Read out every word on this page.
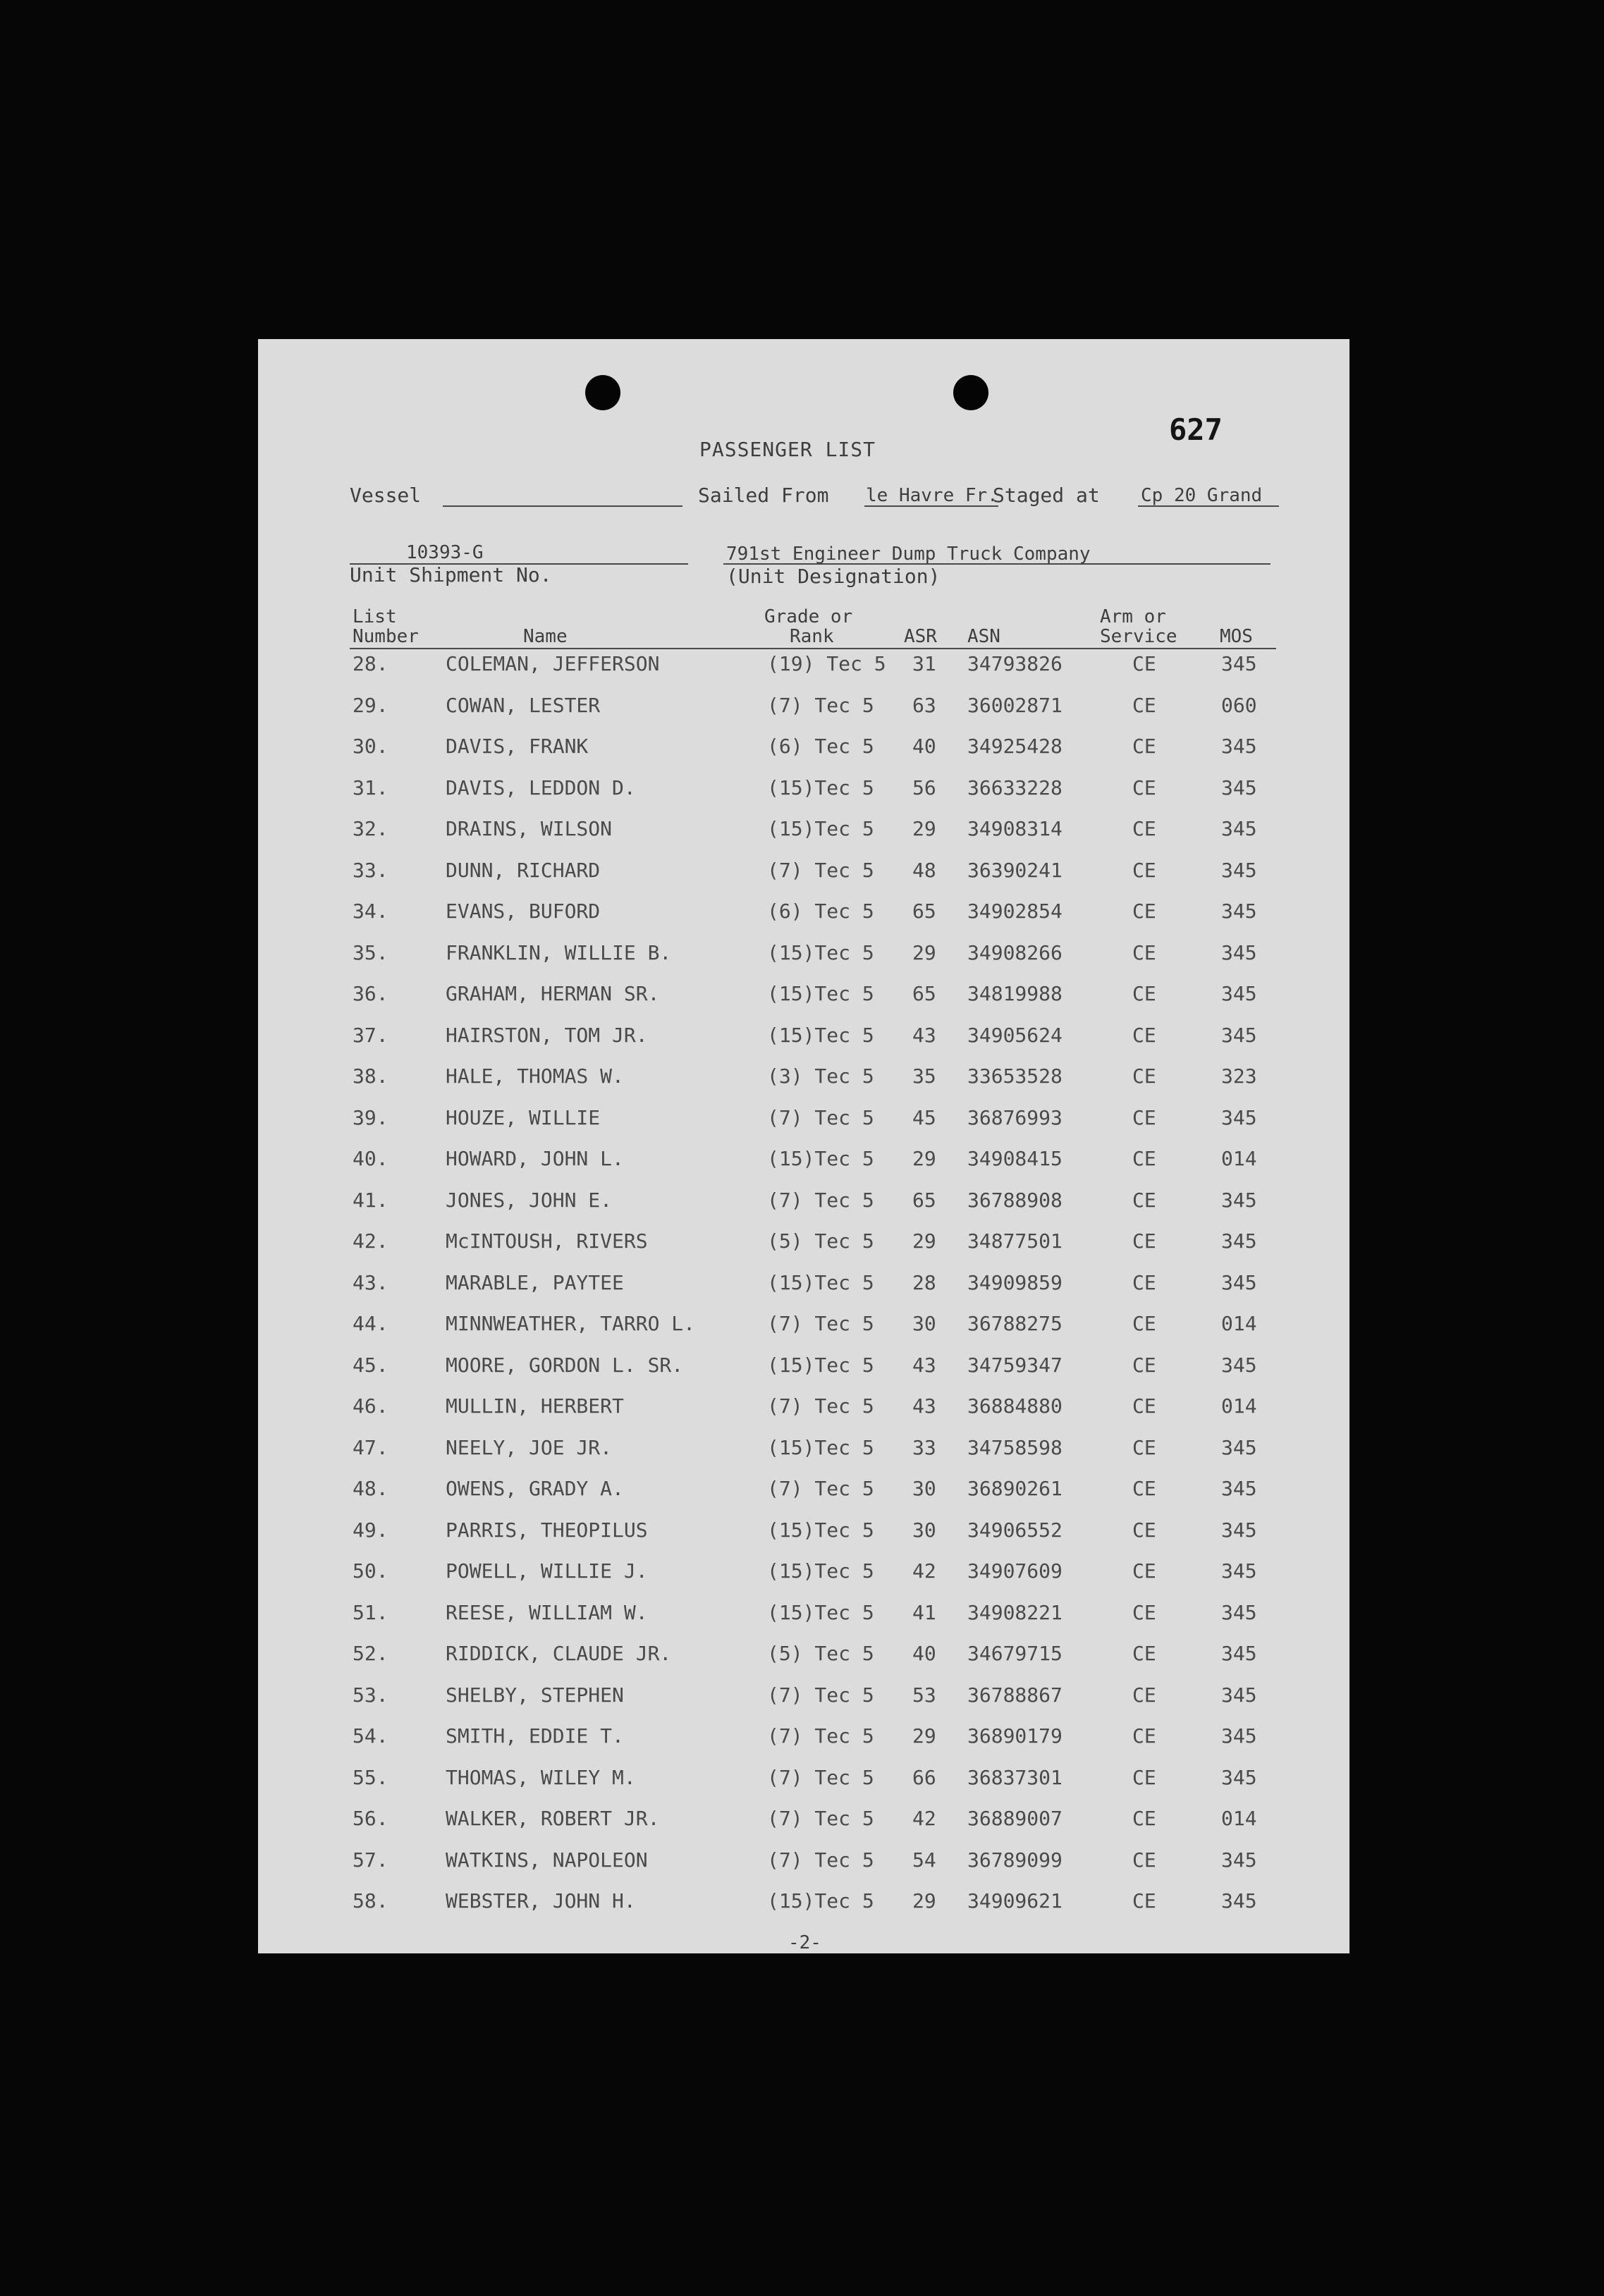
PASSENGER LIST
627
Vessel	Sailed From le Havre Fr.
Staged at Cp 20 Grand
10393-G
Unit Shipment No.
791st Engineer Dump Truck Company
(Unit Designation)
List
Number	Name
Grade or
Rank	ASR ASN
Arm or
Service MOS
28.	COLEMAN, JEFFERSON	(19) Tec 5 31 34793826	CE	345
29.	COWAN, LESTER	(7) Tec 5 63 36002871	CE	060
30.	DAVIS, FRANK	(6) Tec 5 40 34925428	CE	345
31.	DAVIS, LEDDON D.	(15)Tec 5 56 36633228	CE	345
32.	DRAINS, WILSON	(15)Tec 5 29 34908314	CE	345
33.	DUNN, RICHARD	(7) Tec 5 48 36390241	CE	345
34.	EVANS, BUFORD	(6) Tec 5 65 34902854	CE	345
35.	FRANKLIN, WILLIE B.	(15)Tec 5 29 34908266	CE	345
36.	GRAHAM, HERMAN SR.	(15)Tec 5 65 34819988	CE	345
37.	HAIRSTON, TOM JR.	(15)Tec 5 43 34905624	CE	345
38.	HALE, THOMAS W.	(3) Tec 5 35 33653528	CE	323
39.	HOUZE, WILLIE	(7) Tec 5 45 36876993	CE	345
40.	HOWARD, JOHN L.	(15)Tec 5 29 34908415	CE	014
41.	JONES, JOHN E.	(7) Tec 5 65 36788908	CE	345
42.	McINTOUSH, RIVERS	(5) Tec 5 29 34877501	CE	345
43.	MARABLE, PAYTEE	(15)Tec 5 28 34909859	CE	345
44.	MINNWEATHER, TARRO L.	(7) Tec 5 30 36788275	CE	014
45.	MOORE, GORDON L. SR.	(15)Tec 5 43 34759347	CE	345
46.	MULLIN, HERBERT	(7) Tec 5 43 36884880	CE	014
47.	NEELY, JOE JR.	(15)Tec 5 33 34758598	CE	345
48.	OWENS, GRADY A.	(7) Tec 5 30 36890261	CE	345
49.	PARRIS, THEOPILUS	(15)Tec 5 30 34906552	CE	345
50.	POWELL, WILLIE J.	(15)Tec 5 42 34907609	CE	345
51.	REESE, WILLIAM W.	(15)Tec 5 41 34908221	CE	345
52.	RIDDICK, CLAUDE JR.	(5) Tec 5 40 34679715	CE	345
53.	SHELBY, STEPHEN	(7) Tec 5 53 36788867	CE	345
54.	SMITH, EDDIE T.	(7) Tec 5 29 36890179	CE	345
55.	THOMAS, WILEY M.	(7) Tec 5 66 36837301	CE	345
56.	WALKER, ROBERT JR.	(7) Tec 5 42 36889007	CE	014
57.	WATKINS, NAPOLEON	(7) Tec 5 54 36789099	CE	345
58.	WEBSTER, JOHN H.	(15)Tec 5 29 34909621	CE	345
-2-
